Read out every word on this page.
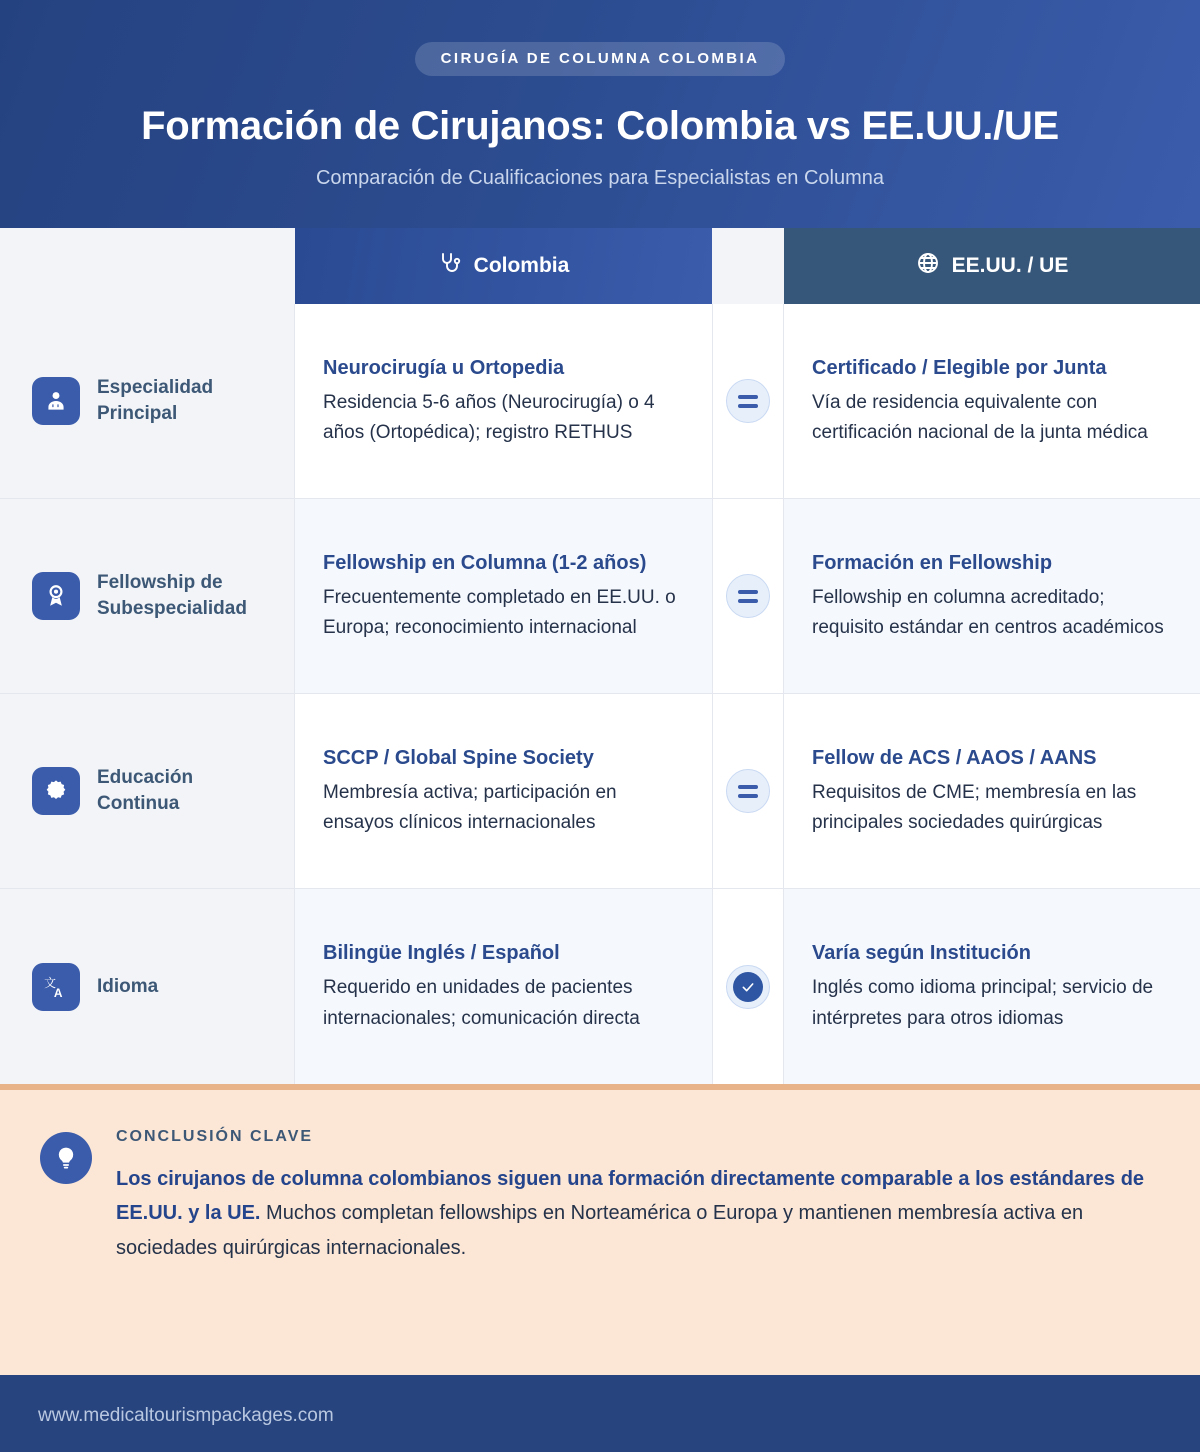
CIRUGÍA DE COLUMNA COLOMBIA
Formación de Cirujanos: Colombia vs EE.UU./UE
Comparación de Cualificaciones para Especialistas en Columna
Colombia	EE.UU. / UE
Especialidad Principal
Neurocirugía u Ortopedia
Residencia 5-6 años (Neurocirugía) o 4 años (Ortopédica); registro RETHUS
Certificado / Elegible por Junta
Vía de residencia equivalente con certificación nacional de la junta médica
Fellowship de Subespecialidad
Fellowship en Columna (1-2 años)
Frecuentemente completado en EE.UU. o Europa; reconocimiento internacional
Formación en Fellowship
Fellowship en columna acreditado; requisito estándar en centros académicos
Educación Continua
SCCP / Global Spine Society
Membresía activa; participación en ensayos clínicos internacionales
Fellow de ACS / AAOS / AANS
Requisitos de CME; membresía en las principales sociedades quirúrgicas
文
A Idioma
Bilingüe Inglés / Español
Requerido en unidades de pacientes internacionales; comunicación directa
Varía según Institución
Inglés como idioma principal; servicio de intérpretes para otros idiomas
CONCLUSIÓN CLAVE
Los cirujanos de columna colombianos siguen una formación directamente comparable a los estándares de EE.UU. y la UE. Muchos completan fellowships en Norteamérica o Europa y mantienen membresía activa en sociedades quirúrgicas internacionales.
www.medicaltourismpackages.com
